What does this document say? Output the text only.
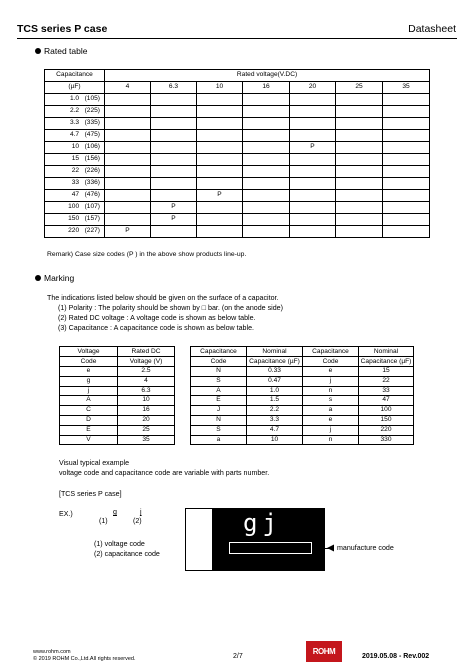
TCS series P case	Datasheet
Rated table
Capacitance	Rated voltage(V.DC)						
(µF)	4	6.3	10	16	20	25	35
1.0   (105)							
2.2   (225)							
3.3   (335)							
4.7   (475)							
10   (106)					P		
15   (156)							
22   (226)							
33   (336)							
47   (476)			P				
100   (107)		P					
150   (157)		P					
220   (227)	P						
Remark) Case size codes (P ) in the above show products line-up.
Marking
The indications listed below should be given on the surface of a capacitor.
(1) Polarity : The polarity should be shown by □ bar. (on the anode side)
(2) Rated DC voltage : A voltage code is shown as below table.
(3) Capacitance : A capacitance code is shown as below table.
Voltage	Rated DC		Capacitance	Nominal	Capacitance	Nominal
Code	Voltage (V)		Code	Capacitance (µF)	Code	Capacitance (µF)
e	2.5		N	0.33	e	15
g	4		$\overline{S}$	0.47	j	22
j	6.3		A	1.0	n	33
A	10		E	1.5	s	47
C	16		J	2.2	$\overline{a}$	100
D	20		N	3.3	$\overline{e}$	150
E	25		$\overline{S}$	4.7	$\overline{j}$	220
V	35		a	10	$\overline{n}$	330
Visual typical example
voltage code and capacitance code are variable with parts number.
[TCS series P case]
EX.)	g
(1)
j
(2)
(1) voltage code
(2) capacitance code
gj
manufacture code
www.rohm.com
© 2019 ROHM Co.,Ltd.All rights reserved.	2/7
ROHM
2019.05.08 - Rev.002
